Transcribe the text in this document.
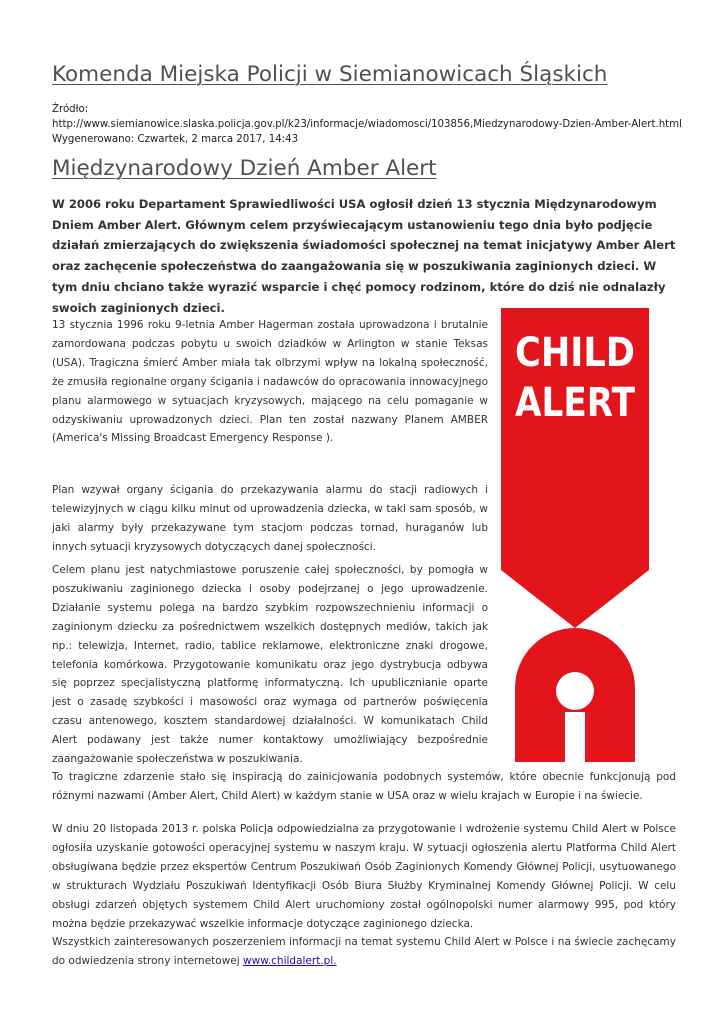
Komenda Miejska Policji w Siemianowicach Śląskich
Źródło:
http://www.siemianowice.slaska.policja.gov.pl/k23/informacje/wiadomosci/103856,Miedzynarodowy-Dzien-Amber-Alert.html
Wygenerowano: Czwartek, 2 marca 2017, 14:43
Międzynarodowy Dzień Amber Alert

W 2006 roku Departament Sprawiedliwości USA ogłosił dzień 13 stycznia Międzynarodowym Dniem Amber Alert. Głównym celem przyświecającym ustanowieniu tego dnia było podjęcie działań zmierzających do zwiększenia świadomości społecznej na temat inicjatywy Amber Alert oraz zachęcenie społeczeństwa do zaangażowania się w poszukiwania zaginionych dzieci. W tym dniu chciano także wyrazić wsparcie i chęć pomocy rodzinom, które do dziś nie odnalazły swoich zaginionych dzieci.

13 stycznia 1996 roku 9-letnia Amber Hagerman została uprowadzona i brutalnie zamordowana podczas pobytu u swoich dziadków w Arlington w stanie Teksas (USA). Tragiczna śmierć Amber miała tak olbrzymi wpływ na lokalną społeczność, że zmusiła regionalne organy ścigania i nadawców do opracowania innowacyjnego planu alarmowego w sytuacjach kryzysowych, mającego na celu pomaganie w odzyskiwaniu uprowadzonych dzieci. Plan ten został nazwany Planem AMBER (America's Missing Broadcast Emergency Response ).

Plan wzywał organy ścigania do przekazywania alarmu do stacji radiowych i telewizyjnych w ciągu kilku minut od uprowadzenia dziecka, w taki sam sposób, w jaki alarmy były przekazywane tym stacjom podczas tornad, huraganów lub innych sytuacji kryzysowych dotyczących danej społeczności.

Celem planu jest natychmiastowe poruszenie całej społeczności, by pomogła w poszukiwaniu zaginionego dziecka i osoby podejrzanej o jego uprowadzenie. Działanie systemu polega na bardzo szybkim rozpowszechnieniu informacji o zaginionym dziecku za pośrednictwem wszelkich dostępnych mediów, takich jak np.: telewizja, Internet, radio, tablice reklamowe, elektroniczne znaki drogowe, telefonia komórkowa. Przygotowanie komunikatu oraz jego dystrybucja odbywa się poprzez specjalistyczną platformę informatyczną. Ich upublicznianie oparte jest o zasadę szybkości i masowości oraz wymaga od partnerów poświęcenia czasu antenowego, kosztem standardowej działalności. W komunikatach Child Alert podawany jest także numer kontaktowy umożliwiający bezpośrednie zaangażowanie społeczeństwa w poszukiwania.

To tragiczne zdarzenie stało się inspiracją do zainicjowania podobnych systemów, które obecnie funkcjonują pod różnymi nazwami (Amber Alert, Child Alert) w każdym stanie w USA oraz w wielu krajach w Europie i na świecie.

W dniu 20 listopada 2013 r. polska Policja odpowiedzialna za przygotowanie i wdrożenie systemu Child Alert w Polsce ogłosiła uzyskanie gotowości operacyjnej systemu w naszym kraju. W sytuacji ogłoszenia alertu Platforma Child Alert obsługiwana będzie przez ekspertów Centrum Poszukiwań Osób Zaginionych Komendy Głównej Policji, usytuowanego w strukturach Wydziału Poszukiwań Identyfikacji Osób Biura Służby Kryminalnej Komendy Głównej Policji. W celu obsługi zdarzeń objętych systemem Child Alert uruchomiony został ogólnopolski numer alarmowy 995, pod który można będzie przekazywać wszelkie informacje dotyczące zaginionego dziecka.

Wszystkich zainteresowanych poszerzeniem informacji na temat systemu Child Alert w Polsce i na świecie zachęcamy do odwiedzenia strony internetowej www.childalert.pl.

CHILD
ALERT
